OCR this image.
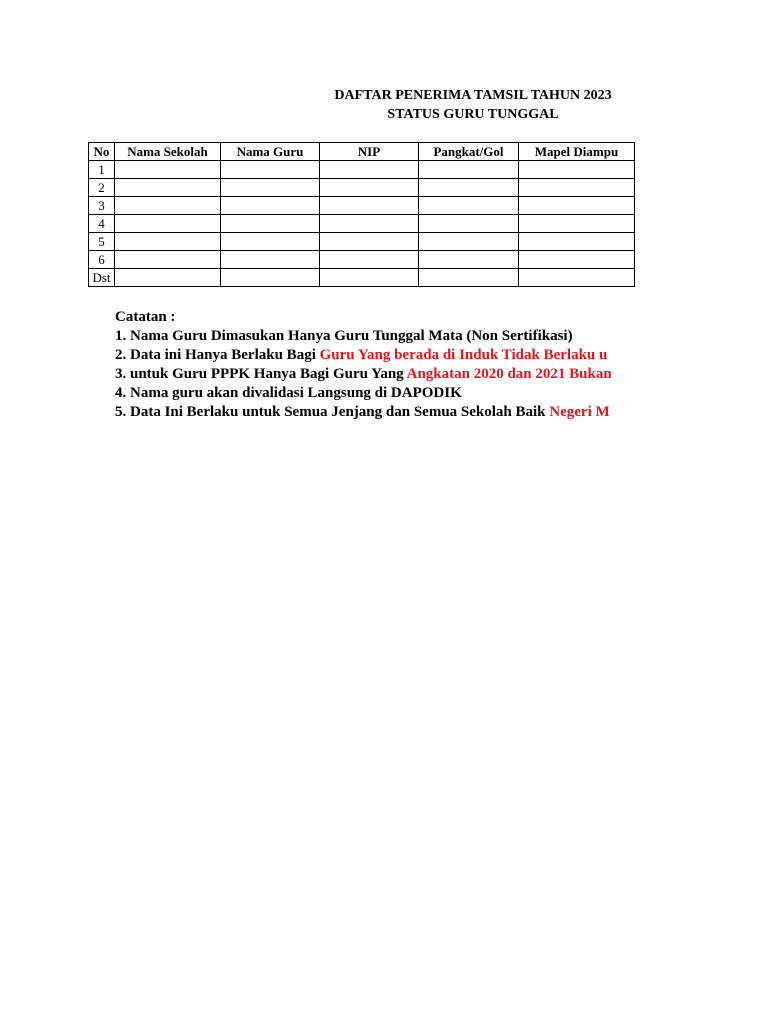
DAFTAR PENERIMA TAMSIL TAHUN 2023
STATUS GURU TUNGGAL
No	Nama Sekolah	Nama Guru	NIP	Pangkat/Gol	Mapel Diampu
1					
2					
3					
4					
5					
6					
Dst					
Catatan :
1. Nama Guru Dimasukan Hanya Guru Tunggal Mata (Non Sertifikasi)
2. Data ini Hanya Berlaku Bagi Guru Yang berada di Induk Tidak Berlaku u
3. untuk Guru PPPK Hanya Bagi Guru Yang Angkatan 2020 dan 2021 Bukan
4. Nama guru akan divalidasi Langsung di DAPODIK
5. Data Ini Berlaku untuk Semua Jenjang dan Semua Sekolah Baik Negeri M
